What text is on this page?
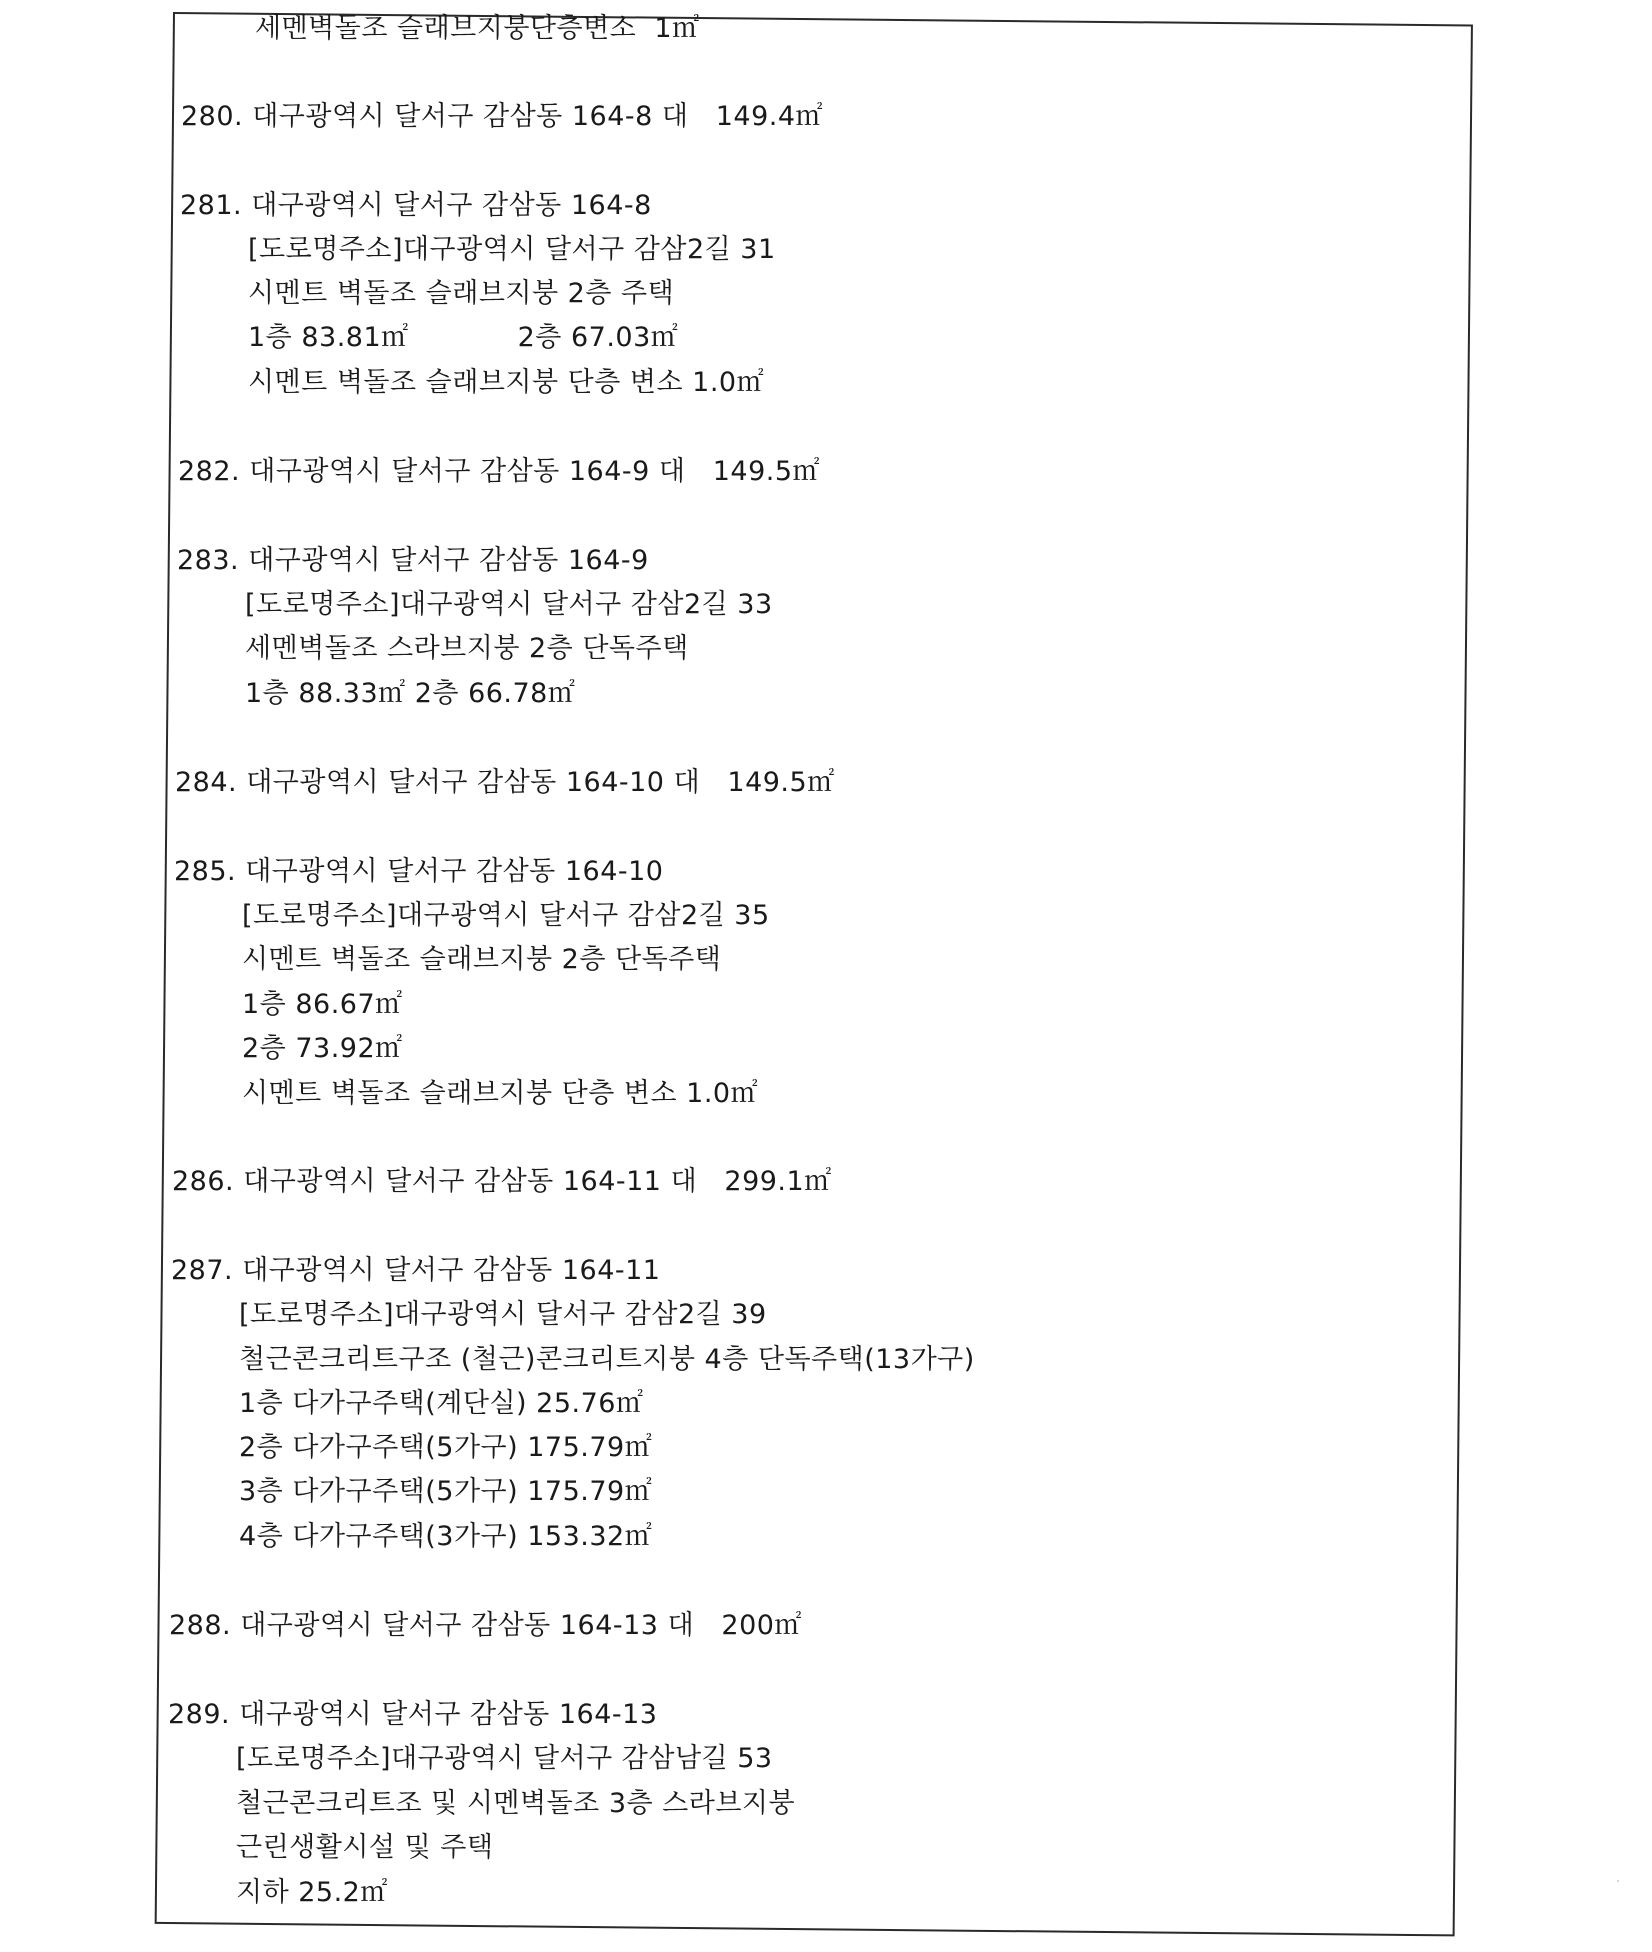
세멘벽돌조 슬래브지붕단층변소  1㎡
280. 대구광역시 달서구 감삼동 164-8 대   149.4㎡
281. 대구광역시 달서구 감삼동 164-8
[도로명주소]대구광역시 달서구 감삼2길 31
시멘트 벽돌조 슬래브지붕 2층 주택
1층 83.81㎡            2층 67.03㎡
시멘트 벽돌조 슬래브지붕 단층 변소 1.0㎡
282. 대구광역시 달서구 감삼동 164-9 대   149.5㎡
283. 대구광역시 달서구 감삼동 164-9
[도로명주소]대구광역시 달서구 감삼2길 33
세멘벽돌조 스라브지붕 2층 단독주택
1층 88.33㎡ 2층 66.78㎡
284. 대구광역시 달서구 감삼동 164-10 대   149.5㎡
285. 대구광역시 달서구 감삼동 164-10
[도로명주소]대구광역시 달서구 감삼2길 35
시멘트 벽돌조 슬래브지붕 2층 단독주택
1층 86.67㎡
2층 73.92㎡
시멘트 벽돌조 슬래브지붕 단층 변소 1.0㎡
286. 대구광역시 달서구 감삼동 164-11 대   299.1㎡
287. 대구광역시 달서구 감삼동 164-11
[도로명주소]대구광역시 달서구 감삼2길 39
철근콘크리트구조 (철근)콘크리트지붕 4층 단독주택(13가구)
1층 다가구주택(계단실) 25.76㎡
2층 다가구주택(5가구) 175.79㎡
3층 다가구주택(5가구) 175.79㎡
4층 다가구주택(3가구) 153.32㎡
288. 대구광역시 달서구 감삼동 164-13 대   200㎡
289. 대구광역시 달서구 감삼동 164-13
[도로명주소]대구광역시 달서구 감삼남길 53
철근콘크리트조 및 시멘벽돌조 3층 스라브지붕
근린생활시설 및 주택
지하 25.2㎡
